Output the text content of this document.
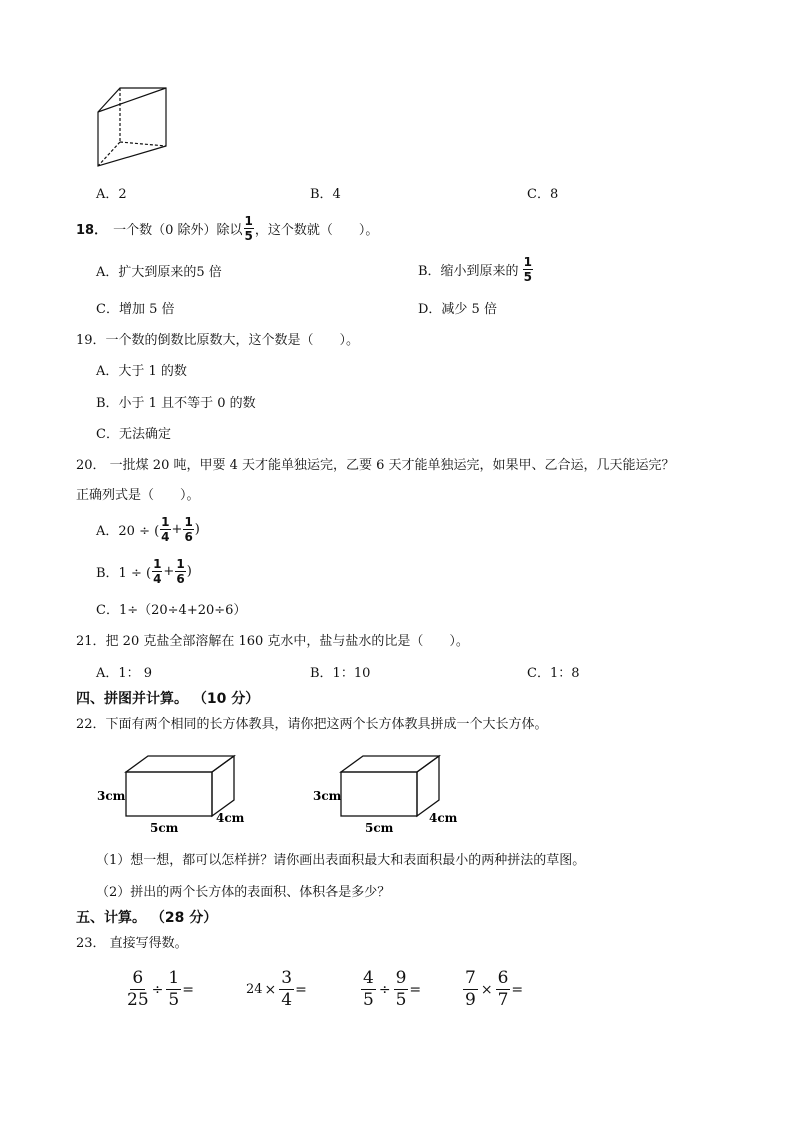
A．2	B．4	C．8
18． 一个数（0 除外）除以 $\frac{1}{5}$ ，这个数就（　　）。
A．扩大到原来的5 倍	B．缩小到原来的 $\frac{1}{5}$
C．增加 5 倍	D．减少 5 倍
19．一个数的倒数比原数大，这个数是（　　）。
A．大于 1 的数
B．小于 1 且不等于 0 的数
C．无法确定
20． 一批煤 20 吨，甲要 4 天才能单独运完，乙要 6 天才能单独运完，如果甲、乙合运，几天能运完？
正确列式是（　　）。
A．20 ÷ ( $\frac{1}{4} + \frac{1}{6}$ )
B．1 ÷ ( $\frac{1}{4} + \frac{1}{6}$ )
C．1÷（20÷4+20÷6）
21．把 20 克盐全部溶解在 160 克水中，盐与盐水的比是（　　）。
A．1： 9	B．1：10	C．1：8
四、拼图并计算。 （10 分）
22．下面有两个相同的长方体教具，请你把这两个长方体教具拼成一个大长方体。
3cm
5cm
4cm
3cm
5cm
4cm
（1）想一想，都可以怎样拼？请你画出表面积最大和表面积最小的两种拼法的草图。
（2）拼出的两个长方体的表面积、体积各是多少？
五、计算。 （28 分）
23． 直接写得数。
$\frac{6}{25} \div \frac{1}{5}$ =	$24 \times \frac{3}{4}$ =	$\frac{4}{5} \div \frac{9}{5} = \frac{7}{9} \times \frac{6}{7}$ =
